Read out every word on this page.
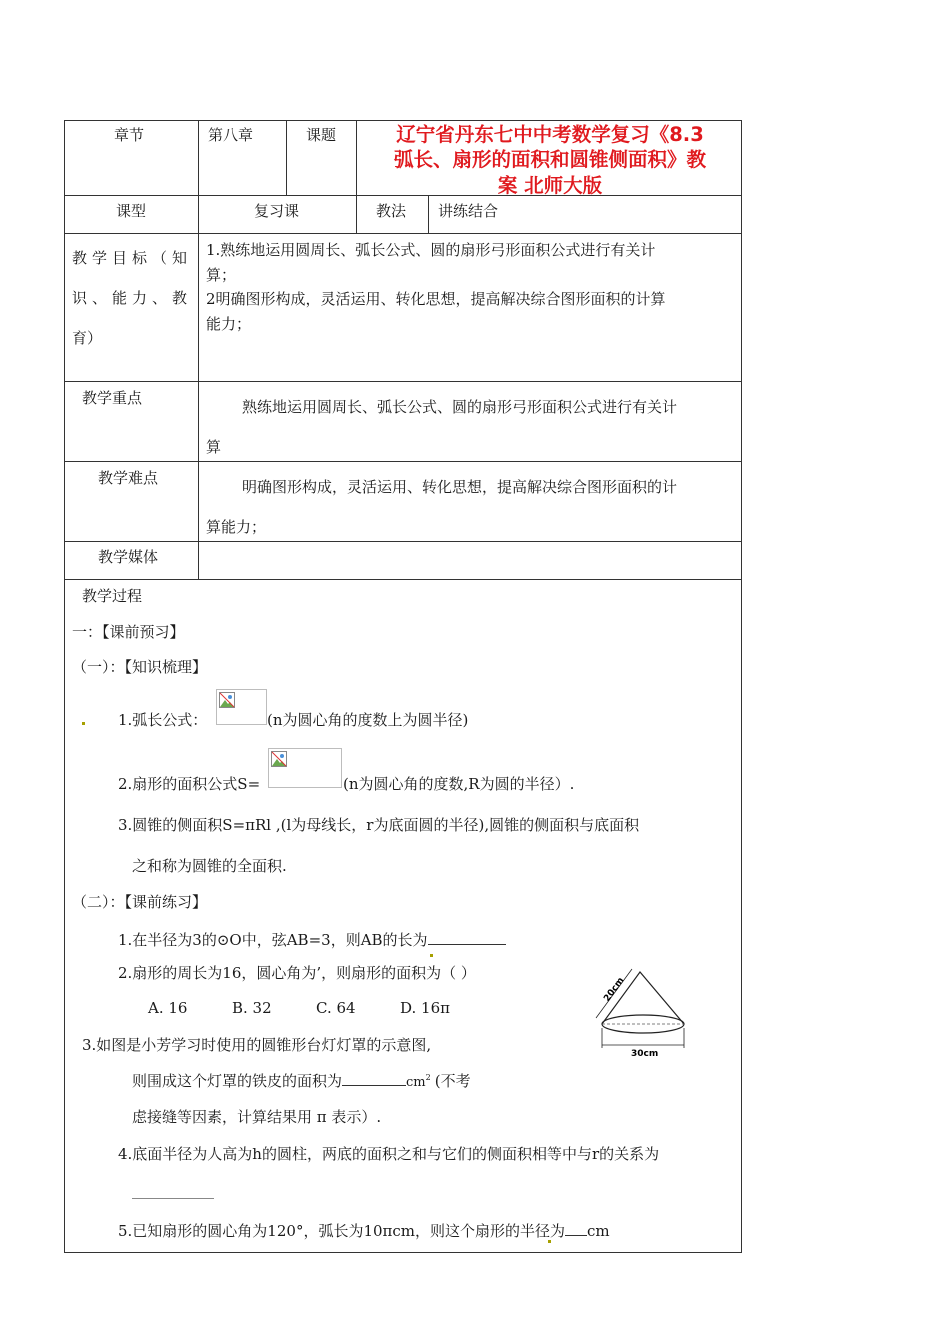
章节	第八章	课题	辽宁省丹东七中中考数学复习《8.3
弧长、扇形的面积和圆锥侧面积》教
案 北师大版
课型	复习课	教法 讲练结合
教学目标（知
识、能力、教
育）
1.熟练地运用圆周长、弧长公式、圆的扇形弓形面积公式进行有关计
算；
2明确图形构成，灵活运用、转化思想，提高解决综合图形面积的计算
能力；
教学重点	熟练地运用圆周长、弧长公式、圆的扇形弓形面积公式进行有关计
算
教学难点	明确图形构成，灵活运用、转化思想，提高解决综合图形面积的计
算能力；
教学媒体
教学过程
一：【课前预习】
（一）：【知识梳理】
1.弧长公式：	(n为圆心角的度数上为圆半径)
2.扇形的面积公式S=	(n为圆心角的度数,R为圆的半径）.
3.圆锥的侧面积S=πRl ,(l为母线长，r为底面圆的半径),圆锥的侧面积与底面积
之和称为圆锥的全面积.
（二）：【课前练习】
1.在半径为3的⊙O中，弦AB=3，则AB的长为
2.扇形的周长为16，圆心角为’，则扇形的面积为（ ）
A. 16	B. 32	C. 64	D. 16π
20cm
30cm
3.如图是小芳学习时使用的圆锥形台灯灯罩的示意图,
则围成这个灯罩的铁皮的面积为	$cm^2$ (不考
虑接缝等因素，计算结果用 π 表示）.
4.底面半径为人高为h的圆柱，两底的面积之和与它们的侧面积相等中与r的关系为
5.已知扇形的圆心角为120°，弧长为10πcm，则这个扇形的半径为 cm
